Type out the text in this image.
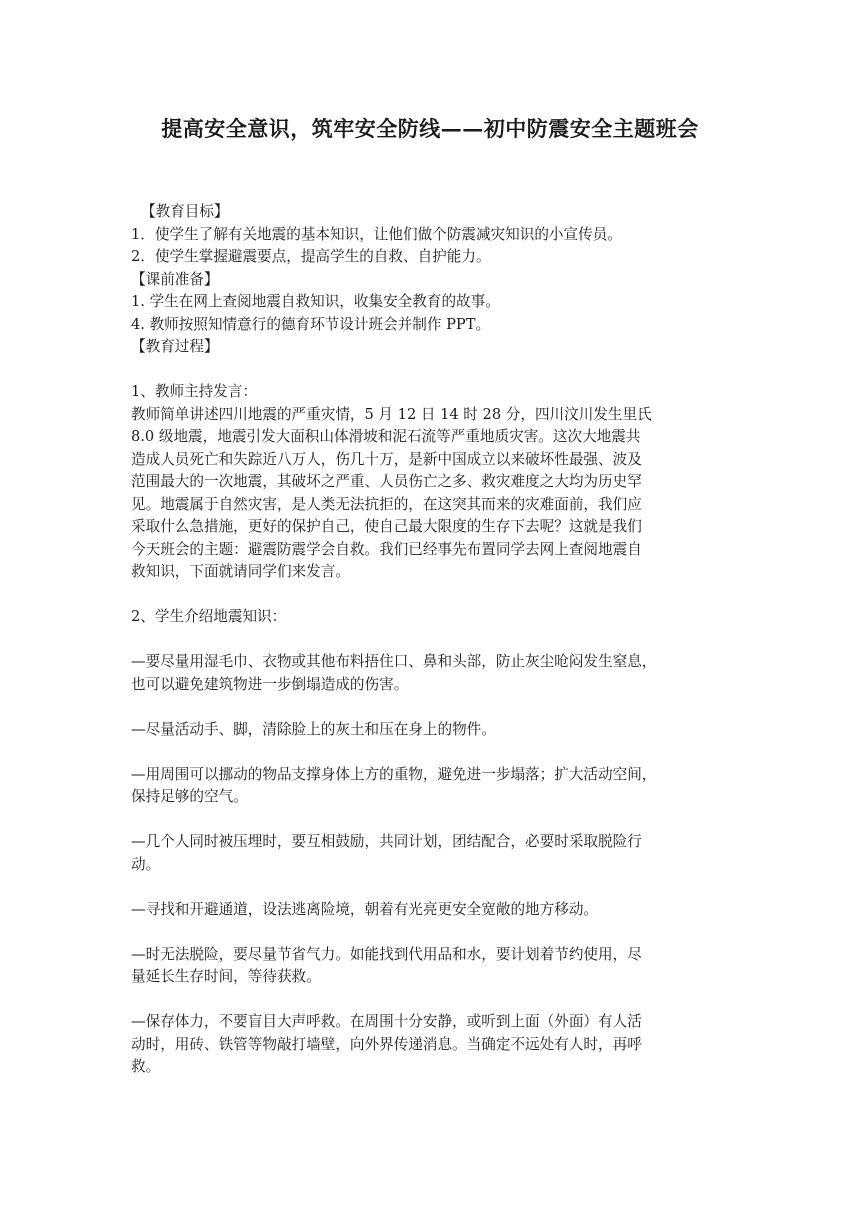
提高安全意识，筑牢安全防线——初中防震安全主题班会
【教育目标】
1．使学生了解有关地震的基本知识，让他们做个防震减灾知识的小宣传员。
2．使学生掌握避震要点，提高学生的自救、自护能力。
【课前准备】
1. 学生在网上查阅地震自救知识，收集安全教育的故事。
4. 教师按照知情意行的德育环节设计班会并制作 PPT。
【教育过程】
1、教师主持发言：
教师简单讲述四川地震的严重灾情，5 月 12 日 14 时 28 分，四川汶川发生里氏
8.0 级地震，地震引发大面积山体滑坡和泥石流等严重地质灾害。这次大地震共
造成人员死亡和失踪近八万人，伤几十万，是新中国成立以来破坏性最强、波及
范围最大的一次地震，其破坏之严重、人员伤亡之多、救灾难度之大均为历史罕
见。地震属于自然灾害，是人类无法抗拒的，在这突其而来的灾难面前，我们应
采取什么急措施，更好的保护自己，使自己最大限度的生存下去呢？这就是我们
今天班会的主题：避震防震学会自救。我们已经事先布置同学去网上查阅地震自
救知识，下面就请同学们来发言。
2、学生介绍地震知识：
—要尽量用湿毛巾、衣物或其他布料捂住口、鼻和头部，防止灰尘呛闷发生窒息，
也可以避免建筑物进一步倒塌造成的伤害。
—尽量活动手、脚，清除脸上的灰土和压在身上的物件。
—用周围可以挪动的物品支撑身体上方的重物，避免进一步塌落；扩大活动空间，
保持足够的空气。
—几个人同时被压埋时，要互相鼓励，共同计划，团结配合，必要时采取脱险行
动。
—寻找和开避通道，设法逃离险境，朝着有光亮更安全宽敞的地方移动。
—时无法脱险，要尽量节省气力。如能找到代用品和水，要计划着节约使用，尽
量延长生存时间，等待获救。
—保存体力，不要盲目大声呼救。在周围十分安静，或听到上面（外面）有人活
动时，用砖、铁管等物敲打墙壁，向外界传递消息。当确定不远处有人时，再呼
救。
